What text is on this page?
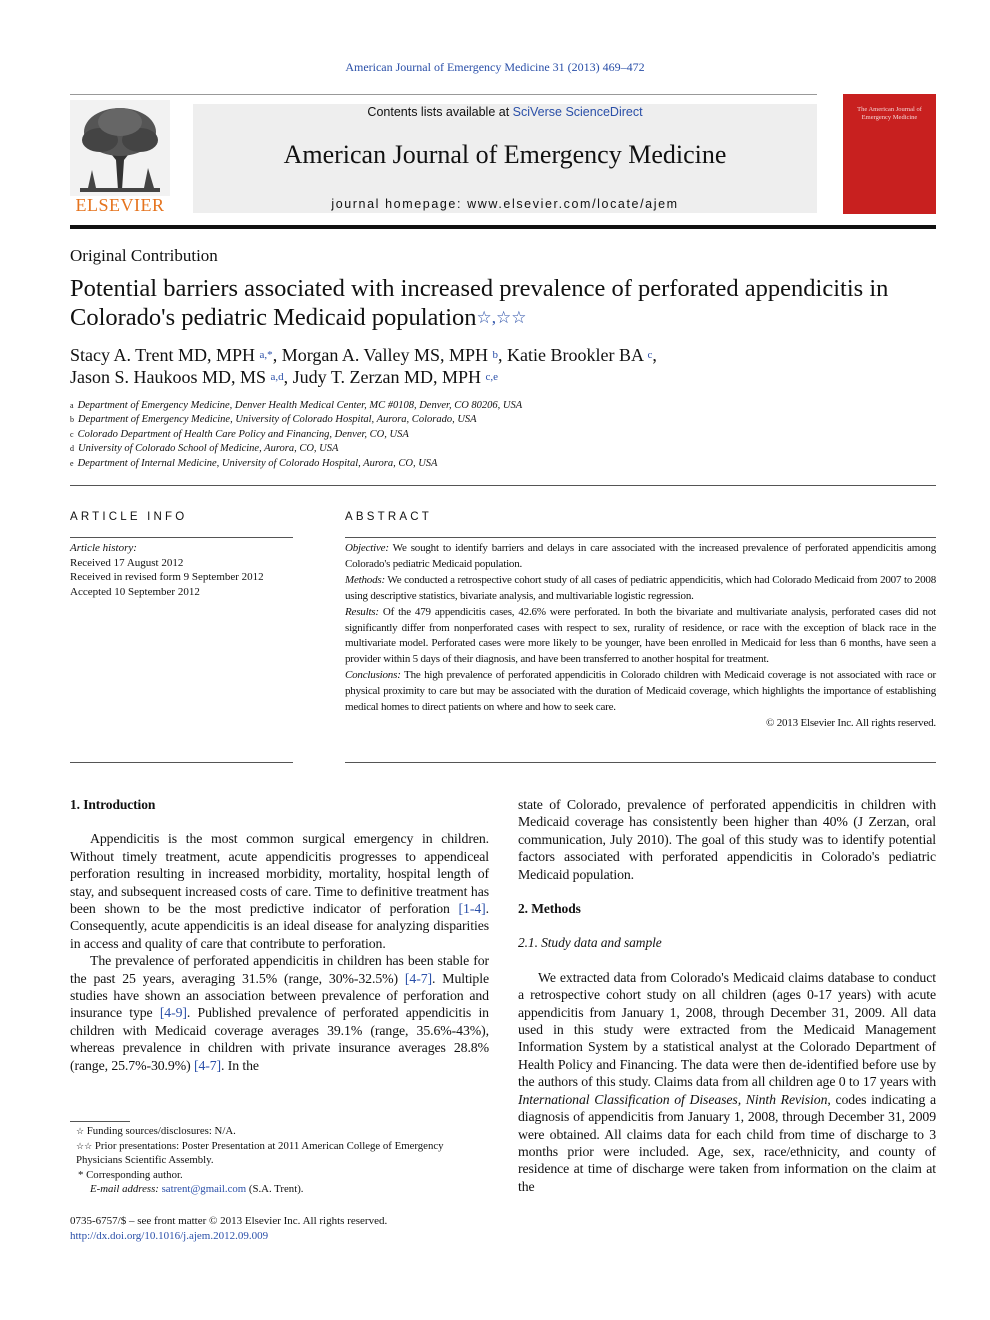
American Journal of Emergency Medicine 31 (2013) 469–472
ELSEVIER
Contents lists available at SciVerse ScienceDirect
American Journal of Emergency Medicine
journal homepage: www.elsevier.com/locate/ajem
The American Journal of Emergency Medicine
Original Contribution
Potential barriers associated with increased prevalence of perforated appendicitis in Colorado's pediatric Medicaid population☆,☆☆
Stacy A. Trent MD, MPH $^{a,*}$, Morgan A. Valley MS, MPH $^b$, Katie Brookler BA $^c$,
Jason S. Haukoos MD, MS $^{a,d}$, Judy T. Zerzan MD, MPH $^{c,e}$
$^a$ Department of Emergency Medicine, Denver Health Medical Center, MC #0108, Denver, CO 80206, USA
$^b$ Department of Emergency Medicine, University of Colorado Hospital, Aurora, Colorado, USA
$^c$ Colorado Department of Health Care Policy and Financing, Denver, CO, USA
$^d$ University of Colorado School of Medicine, Aurora, CO, USA
$^e$ Department of Internal Medicine, University of Colorado Hospital, Aurora, CO, USA
ARTICLE INFO
Article history:
Received 17 August 2012
Received in revised form 9 September 2012
Accepted 10 September 2012
ABSTRACT

Objective: We sought to identify barriers and delays in care associated with the increased prevalence of perforated appendicitis among Colorado's pediatric Medicaid population.

Methods: We conducted a retrospective cohort study of all cases of pediatric appendicitis, which had Colorado Medicaid from 2007 to 2008 using descriptive statistics, bivariate analysis, and multivariable logistic regression.

Results: Of the 479 appendicitis cases, 42.6% were perforated. In both the bivariate and multivariate analysis, perforated cases did not significantly differ from nonperforated cases with respect to sex, rurality of residence, or race with the exception of black race in the multivariate model. Perforated cases were more likely to be younger, have been enrolled in Medicaid for less than 6 months, have seen a provider within 5 days of their diagnosis, and have been transferred to another hospital for treatment.

Conclusions: The high prevalence of perforated appendicitis in Colorado children with Medicaid coverage is not associated with race or physical proximity to care but may be associated with the duration of Medicaid coverage, which highlights the importance of establishing medical homes to direct patients on where and how to seek care.

© 2013 Elsevier Inc. All rights reserved.

1. Introduction

Appendicitis is the most common surgical emergency in children. Without timely treatment, acute appendicitis progresses to appendiceal perforation resulting in increased morbidity, mortality, hospital length of stay, and subsequent increased costs of care. Time to definitive treatment has been shown to be the most predictive indicator of perforation [1-4]. Consequently, acute appendicitis is an ideal disease for analyzing disparities in access and quality of care that contribute to perforation.

The prevalence of perforated appendicitis in children has been stable for the past 25 years, averaging 31.5% (range, 30%-32.5%) [4-7]. Multiple studies have shown an association between prevalence of perforation and insurance type [4-9]. Published prevalence of perforated appendicitis in children with Medicaid coverage averages 39.1% (range, 35.6%-43%), whereas prevalence in children with private insurance averages 28.8% (range, 25.7%-30.9%) [4-7]. In the

state of Colorado, prevalence of perforated appendicitis in children with Medicaid coverage has consistently been higher than 40% (J Zerzan, oral communication, July 2010). The goal of this study was to identify potential factors associated with perforated appendicitis in Colorado's pediatric Medicaid population.

2. Methods
2.1. Study data and sample

We extracted data from Colorado's Medicaid claims database to conduct a retrospective cohort study on all children (ages 0-17 years) with acute appendicitis from January 1, 2008, through December 31, 2009. All data used in this study were extracted from the Medicaid Management Information System by a statistical analyst at the Colorado Department of Health Policy and Financing. The data were then de-identified before use by the authors of this study. Claims data from all children age 0 to 17 years with International Classification of Diseases, Ninth Revision, codes indicating a diagnosis of appendicitis from January 1, 2008, through December 31, 2009 were obtained. All claims data for each child from time of discharge to 3 months prior were included. Age, sex, race/ethnicity, and county of residence at time of discharge were taken from information on the claim at the

☆ Funding sources/disclosures: N/A.
☆☆ Prior presentations: Poster Presentation at 2011 American College of Emergency Physicians Scientific Assembly.
* Corresponding author.
E-mail address: satrent@gmail.com (S.A. Trent).
0735-6757/$ – see front matter © 2013 Elsevier Inc. All rights reserved.
http://dx.doi.org/10.1016/j.ajem.2012.09.009
